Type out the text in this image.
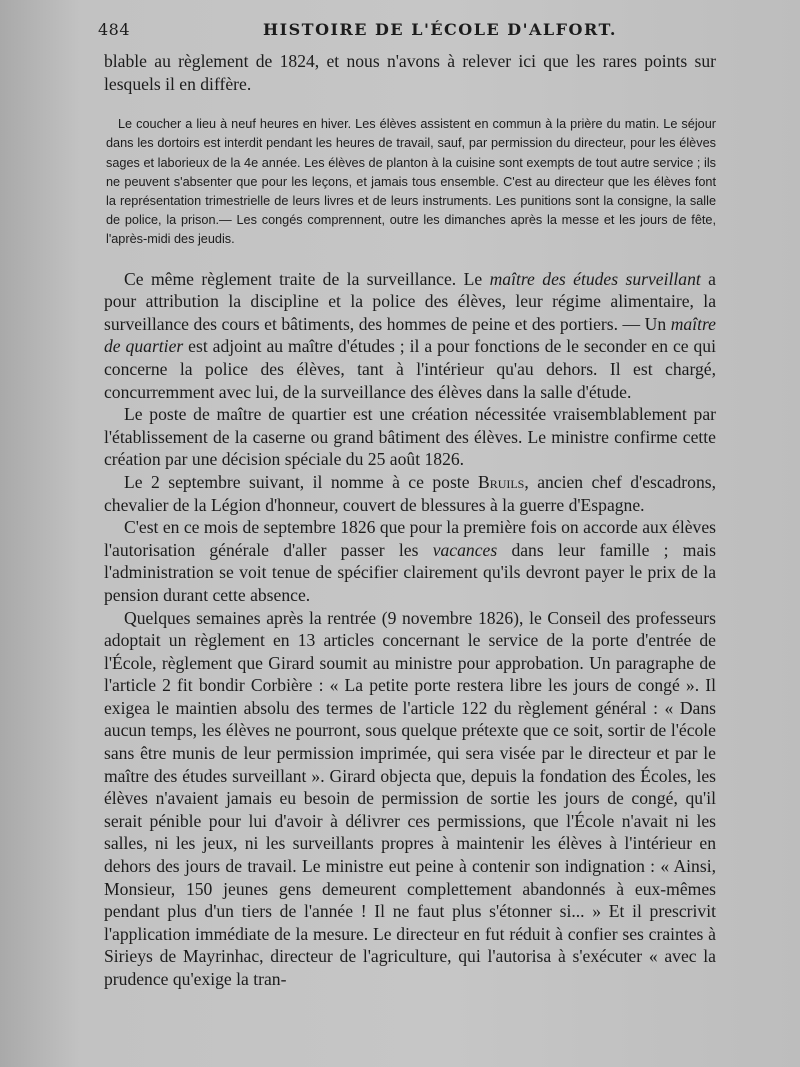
484	HISTOIRE DE L'ÉCOLE D'ALFORT.

blable au règlement de 1824, et nous n'avons à relever ici que les rares points sur lesquels il en diffère.

Le coucher a lieu à neuf heures en hiver. Les élèves assistent en commun à la prière du matin. Le séjour dans les dortoirs est interdit pendant les heures de travail, sauf, par permission du directeur, pour les élèves sages et laborieux de la 4e année. Les élèves de planton à la cuisine sont exempts de tout autre service ; ils ne peuvent s'absenter que pour les leçons, et jamais tous ensemble. C'est au directeur que les élèves font la représentation trimestrielle de leurs livres et de leurs instruments. Les punitions sont la consigne, la salle de police, la prison.— Les congés comprennent, outre les dimanches après la messe et les jours de fête, l'après-midi des jeudis.

Ce même règlement traite de la surveillance. Le maître des études surveillant a pour attribution la discipline et la police des élèves, leur régime alimentaire, la surveillance des cours et bâtiments, des hommes de peine et des portiers. — Un maître de quartier est adjoint au maître d'études ; il a pour fonctions de le seconder en ce qui concerne la police des élèves, tant à l'intérieur qu'au dehors. Il est chargé, concurremment avec lui, de la surveillance des élèves dans la salle d'étude.

Le poste de maître de quartier est une création nécessitée vraisemblablement par l'établissement de la caserne ou grand bâtiment des élèves. Le ministre confirme cette création par une décision spéciale du 25 août 1826.

Le 2 septembre suivant, il nomme à ce poste Bruils, ancien chef d'escadrons, chevalier de la Légion d'honneur, couvert de blessures à la guerre d'Espagne.

C'est en ce mois de septembre 1826 que pour la première fois on accorde aux élèves l'autorisation générale d'aller passer les vacances dans leur famille ; mais l'administration se voit tenue de spécifier clairement qu'ils devront payer le prix de la pension durant cette absence.

Quelques semaines après la rentrée (9 novembre 1826), le Conseil des professeurs adoptait un règlement en 13 articles concernant le service de la porte d'entrée de l'École, règlement que Girard soumit au ministre pour approbation. Un paragraphe de l'article 2 fit bondir Corbière : « La petite porte restera libre les jours de congé ». Il exigea le maintien absolu des termes de l'article 122 du règlement général : « Dans aucun temps, les élèves ne pourront, sous quelque prétexte que ce soit, sortir de l'école sans être munis de leur permission imprimée, qui sera visée par le directeur et par le maître des études surveillant ». Girard objecta que, depuis la fondation des Écoles, les élèves n'avaient jamais eu besoin de permission de sortie les jours de congé, qu'il serait pénible pour lui d'avoir à délivrer ces permissions, que l'École n'avait ni les salles, ni les jeux, ni les surveillants propres à maintenir les élèves à l'intérieur en dehors des jours de travail. Le ministre eut peine à contenir son indignation : « Ainsi, Monsieur, 150 jeunes gens demeurent complettement abandonnés à eux-mêmes pendant plus d'un tiers de l'année ! Il ne faut plus s'étonner si... » Et il prescrivit l'application immédiate de la mesure. Le directeur en fut réduit à confier ses craintes à Sirieys de Mayrinhac, directeur de l'agriculture, qui l'autorisa à s'exécuter « avec la prudence qu'exige la tran-
